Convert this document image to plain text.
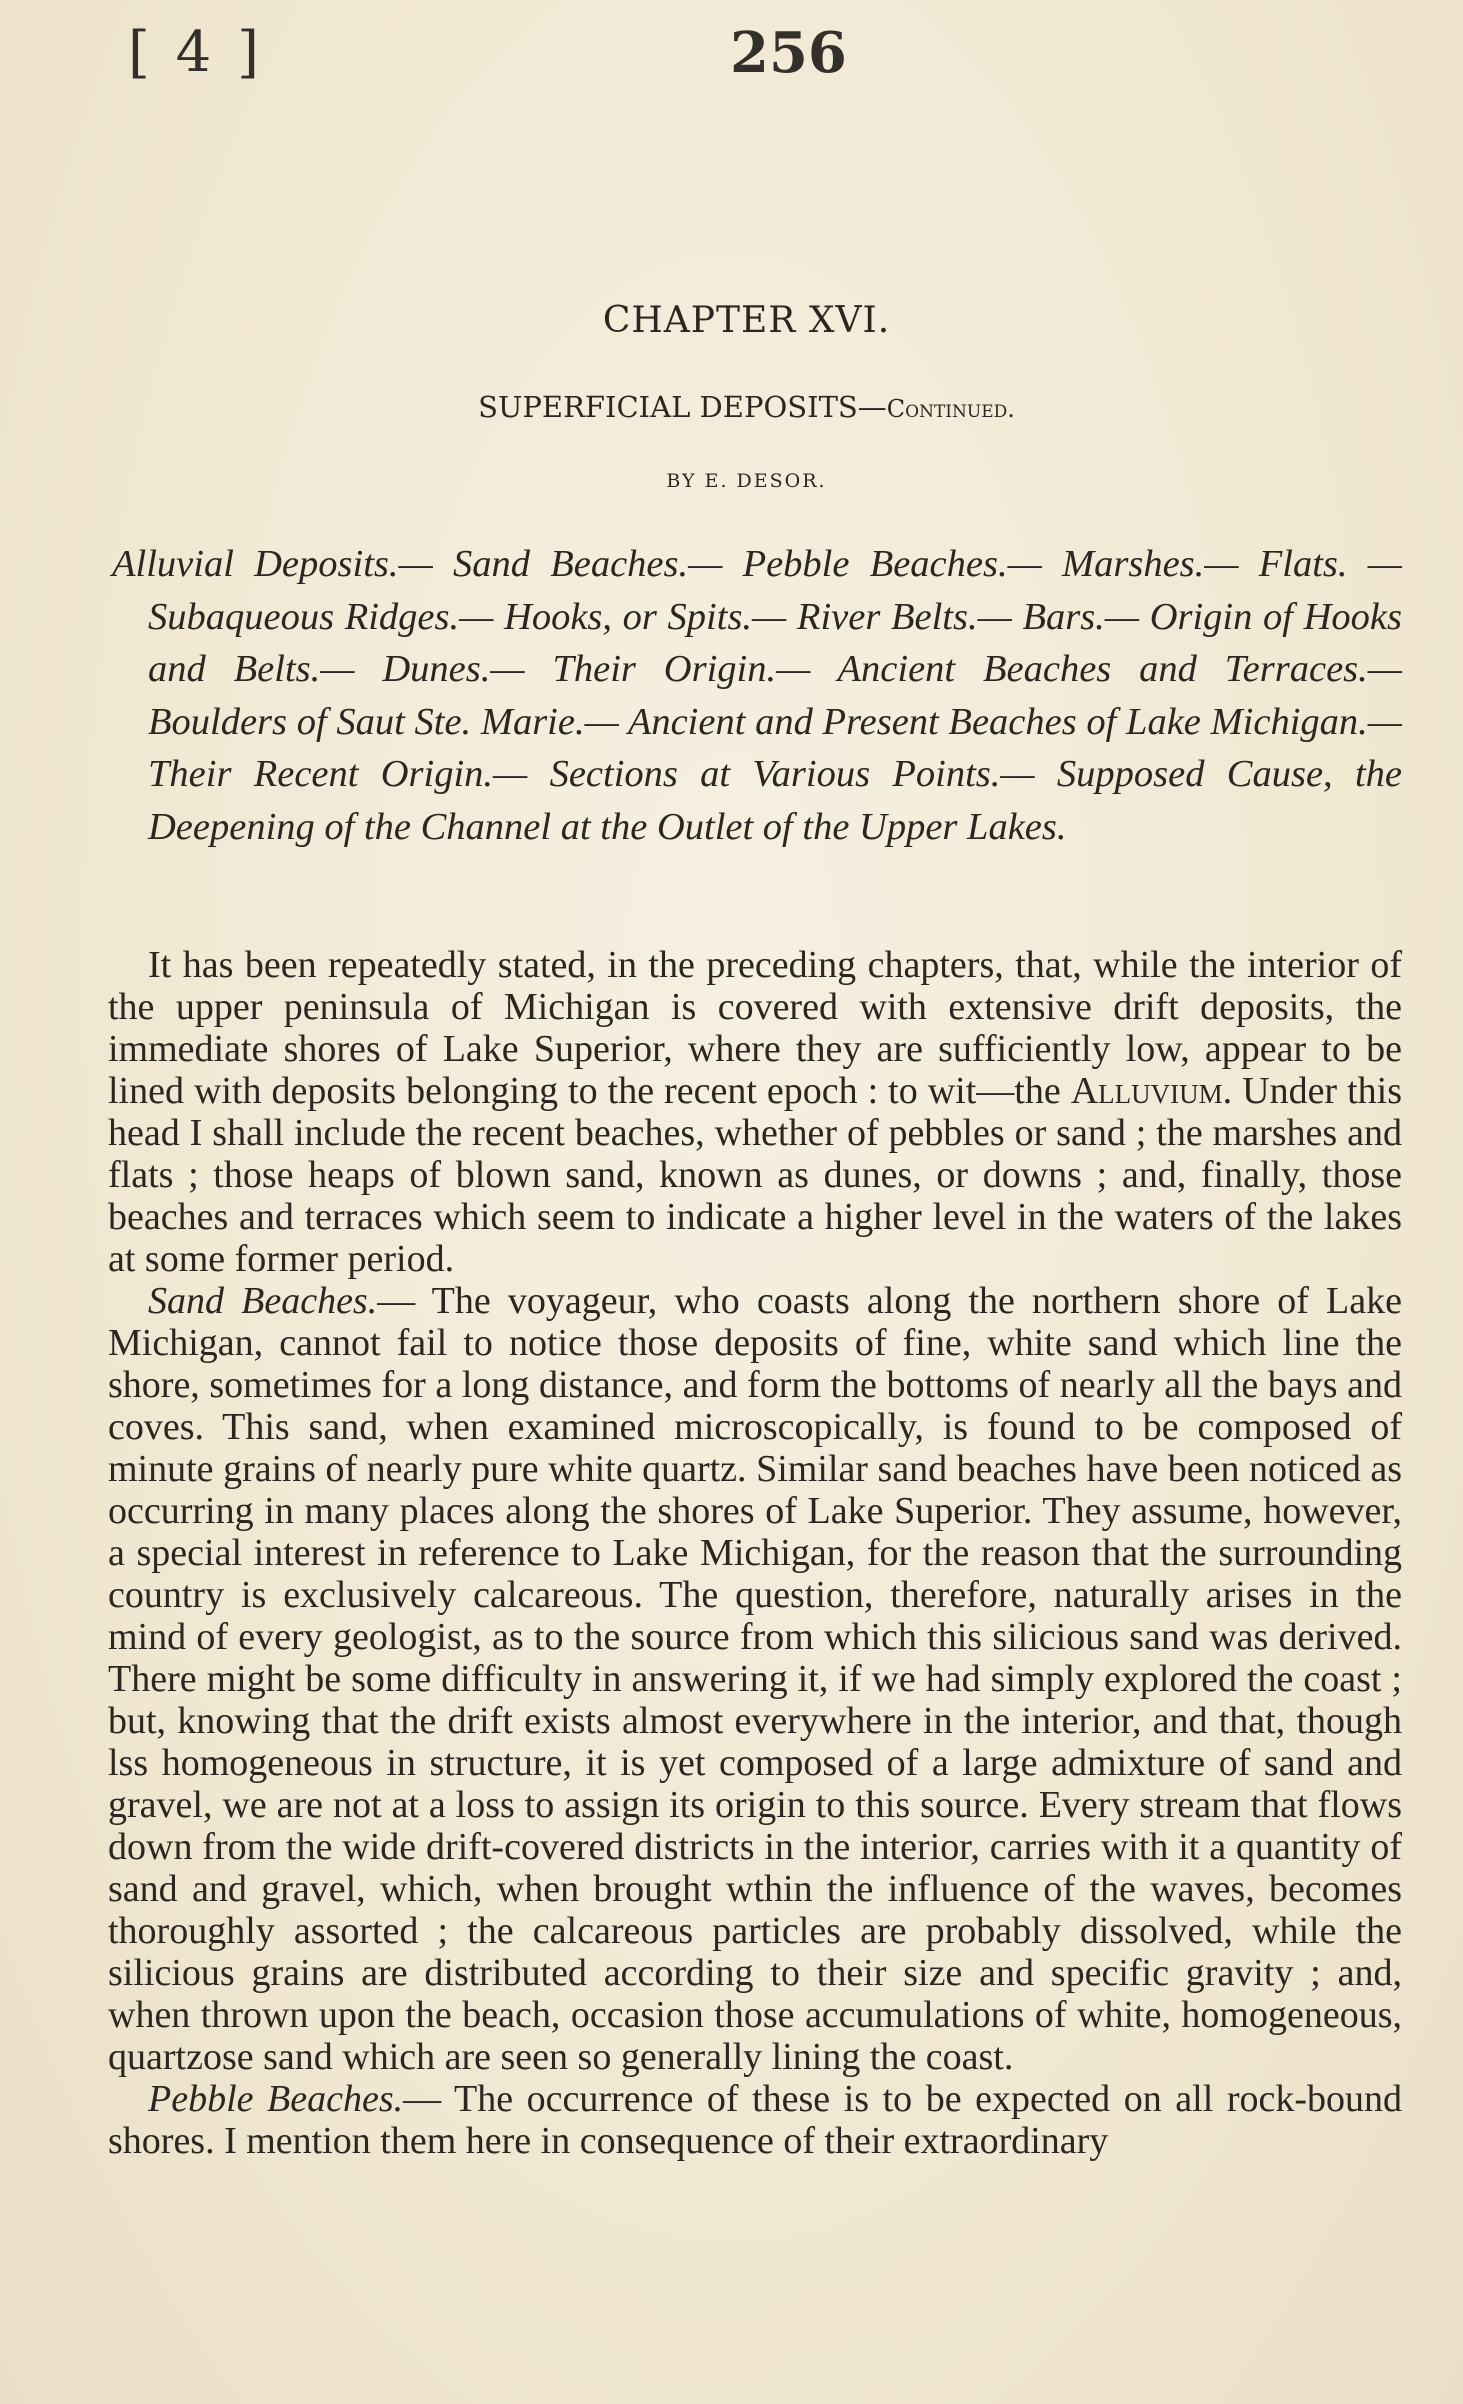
[ 4 ]	256
CHAPTER XVI.
SUPERFICIAL DEPOSITS—Continued.
BY E. DESOR.
Alluvial Deposits.— Sand Beaches.— Pebble Beaches.— Marshes.— Flats. — Subaqueous Ridges.— Hooks, or Spits.— River Belts.— Bars.— Origin of Hooks and Belts.— Dunes.— Their Origin.— Ancient Beaches and Terraces.— Boulders of Saut Ste. Marie.— Ancient and Present Beaches of Lake Michigan.— Their Recent Origin.— Sections at Various Points.— Supposed Cause, the Deepening of the Channel at the Outlet of the Upper Lakes.

It has been repeatedly stated, in the preceding chapters, that, while the interior of the upper peninsula of Michigan is covered with extensive drift deposits, the immediate shores of Lake Superior, where they are sufficiently low, appear to be lined with deposits belonging to the recent epoch : to wit—the Alluvium. Under this head I shall include the recent beaches, whether of pebbles or sand ; the marshes and flats ; those heaps of blown sand, known as dunes, or downs ; and, finally, those beaches and terraces which seem to indicate a higher level in the waters of the lakes at some former period.

Sand Beaches.— The voyageur, who coasts along the northern shore of Lake Michigan, cannot fail to notice those deposits of fine, white sand which line the shore, sometimes for a long distance, and form the bottoms of nearly all the bays and coves. This sand, when examined microscopically, is found to be composed of minute grains of nearly pure white quartz. Similar sand beaches have been noticed as occurring in many places along the shores of Lake Superior. They assume, however, a special interest in reference to Lake Michigan, for the reason that the surrounding country is exclusively calcareous. The question, therefore, naturally arises in the mind of every geologist, as to the source from which this silicious sand was derived. There might be some difficulty in answering it, if we had simply explored the coast ; but, knowing that the drift exists almost everywhere in the interior, and that, though lss homogeneous in structure, it is yet composed of a large admixture of sand and gravel, we are not at a loss to assign its origin to this source. Every stream that flows down from the wide drift-covered districts in the interior, carries with it a quantity of sand and gravel, which, when brought wthin the influence of the waves, becomes thoroughly assorted ; the calcareous particles are probably dissolved, while the silicious grains are distributed according to their size and specific gravity ; and, when thrown upon the beach, occasion those accumulations of white, homogeneous, quartzose sand which are seen so generally lining the coast.

Pebble Beaches.— The occurrence of these is to be expected on all rock-bound shores. I mention them here in consequence of their extraordinary
